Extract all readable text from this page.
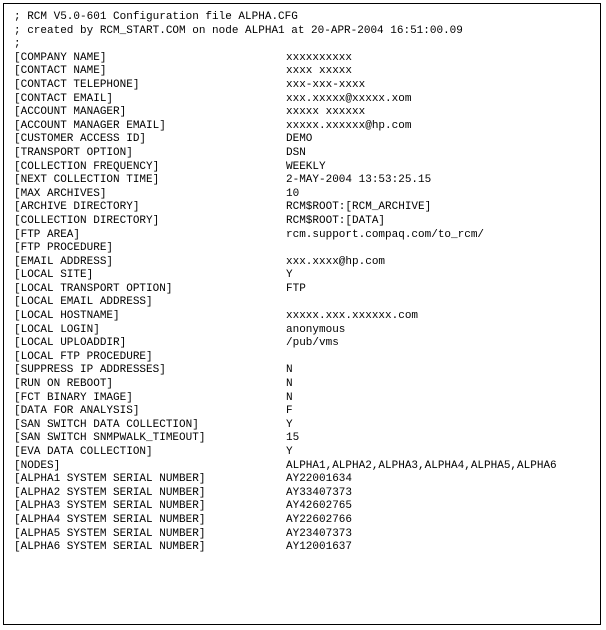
; RCM V5.0-601 Configuration file ALPHA.CFG
; created by RCM_START.COM on node ALPHA1 at 20-APR-2004 16:51:00.09
;
[COMPANY NAME]	xxxxxxxxxx
[CONTACT NAME]	xxxx xxxxx
[CONTACT TELEPHONE]	xxx-xxx-xxxx
[CONTACT EMAIL]	xxx.xxxxx@xxxxx.xom
[ACCOUNT MANAGER]	xxxxx xxxxxx
[ACCOUNT MANAGER EMAIL]	xxxxx.xxxxxx@hp.com
[CUSTOMER ACCESS ID]	DEMO
[TRANSPORT OPTION]	DSN
[COLLECTION FREQUENCY]	WEEKLY
[NEXT COLLECTION TIME]	2-MAY-2004 13:53:25.15
[MAX ARCHIVES]	10
[ARCHIVE DIRECTORY]	RCM$ROOT:[RCM_ARCHIVE]
[COLLECTION DIRECTORY]	RCM$ROOT:[DATA]
[FTP AREA]	rcm.support.compaq.com/to_rcm/
[FTP PROCEDURE]
[EMAIL ADDRESS]	xxx.xxxx@hp.com
[LOCAL SITE]	Y
[LOCAL TRANSPORT OPTION]	FTP
[LOCAL EMAIL ADDRESS]
[LOCAL HOSTNAME]	xxxxx.xxx.xxxxxx.com
[LOCAL LOGIN]	anonymous
[LOCAL UPLOADDIR]	/pub/vms
[LOCAL FTP PROCEDURE]
[SUPPRESS IP ADDRESSES]	N
[RUN ON REBOOT]	N
[FCT BINARY IMAGE]	N
[DATA FOR ANALYSIS]	F
[SAN SWITCH DATA COLLECTION]	Y
[SAN SWITCH SNMPWALK_TIMEOUT]	15
[EVA DATA COLLECTION]	Y
[NODES]	ALPHA1,ALPHA2,ALPHA3,ALPHA4,ALPHA5,ALPHA6
[ALPHA1 SYSTEM SERIAL NUMBER]	AY22001634
[ALPHA2 SYSTEM SERIAL NUMBER]	AY33407373
[ALPHA3 SYSTEM SERIAL NUMBER]	AY42602765
[ALPHA4 SYSTEM SERIAL NUMBER]	AY22602766
[ALPHA5 SYSTEM SERIAL NUMBER]	AY23407373
[ALPHA6 SYSTEM SERIAL NUMBER]	AY12001637
